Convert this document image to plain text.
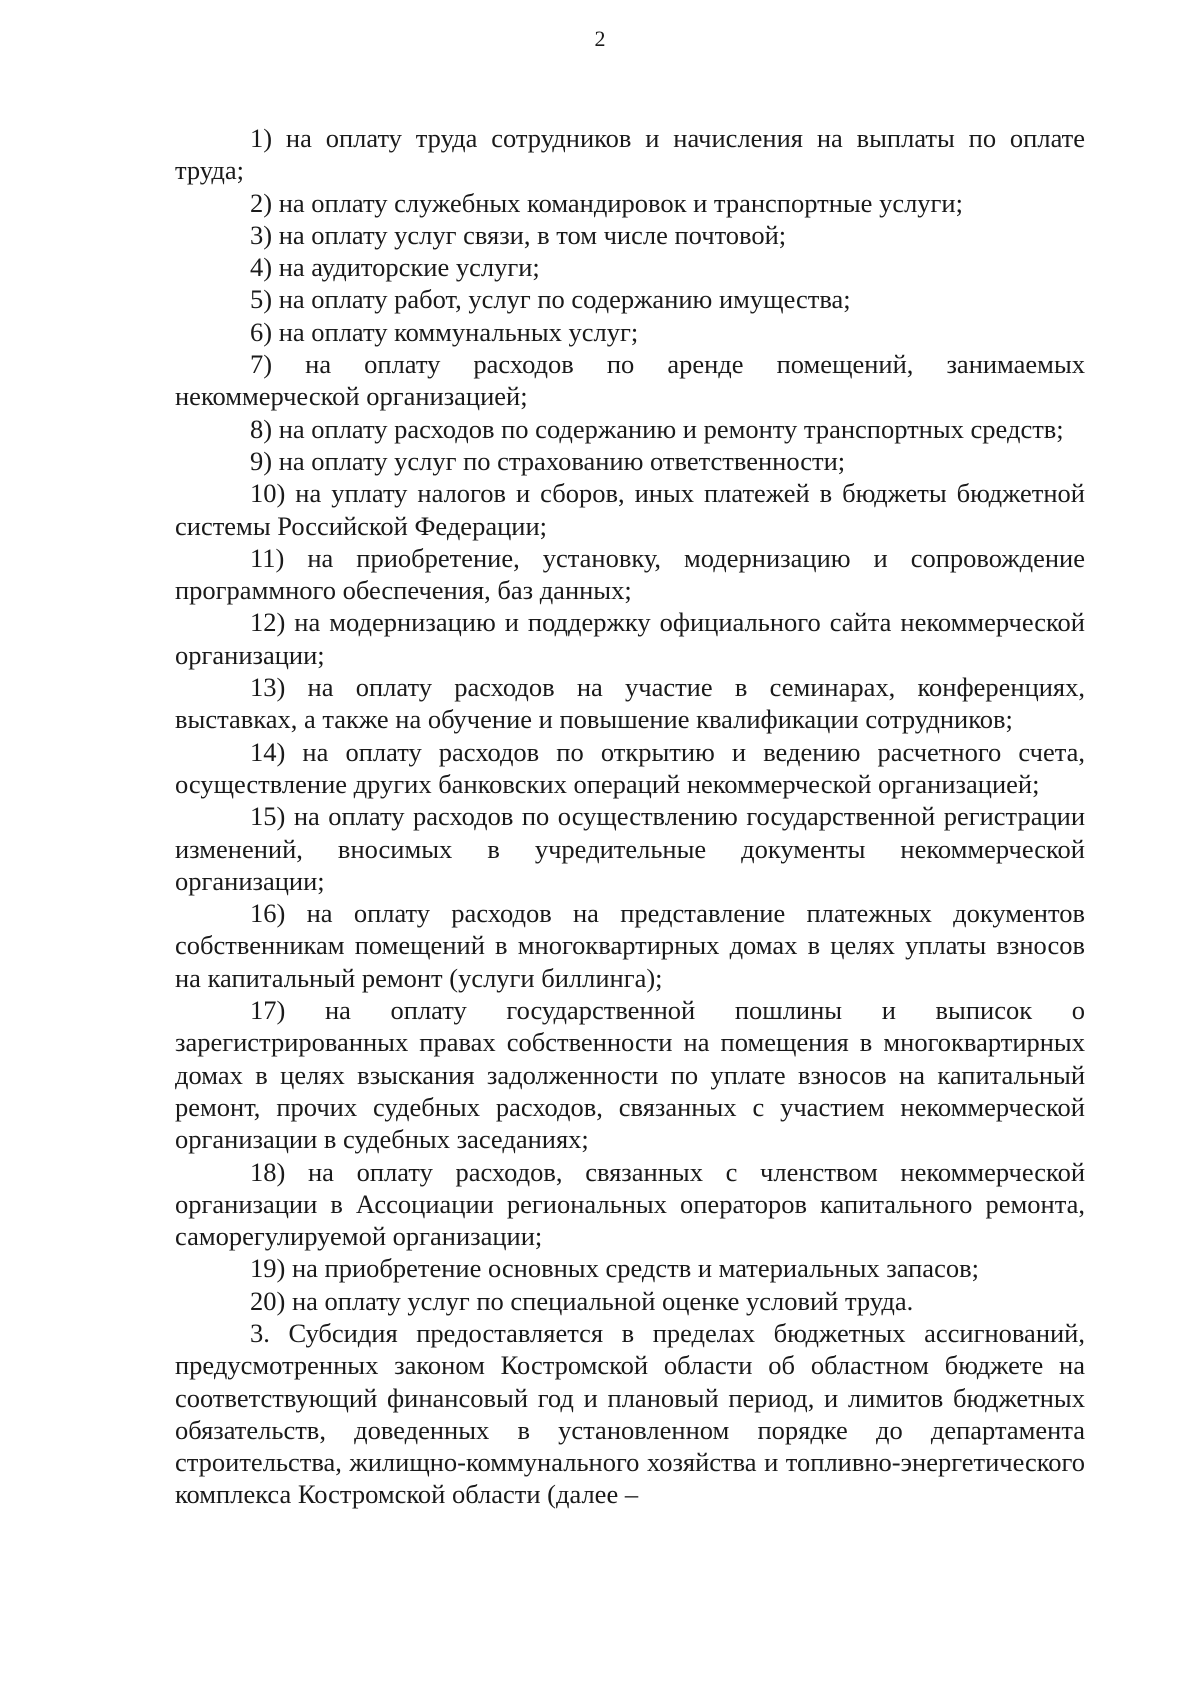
2

1) на оплату труда сотрудников и начисления на выплаты по оплате труда;

2) на оплату служебных командировок и транспортные услуги;

3) на оплату услуг связи, в том числе почтовой;

4) на аудиторские услуги;

5) на оплату работ, услуг по содержанию имущества;

6) на оплату коммунальных услуг;

7) на оплату расходов по аренде помещений, занимаемых некоммерческой организацией;

8) на оплату расходов по содержанию и ремонту транспортных средств;

9) на оплату услуг по страхованию ответственности;

10) на уплату налогов и сборов, иных платежей в бюджеты бюджетной системы Российской Федерации;

11) на приобретение, установку, модернизацию и сопровождение программного обеспечения, баз данных;

12) на модернизацию и поддержку официального сайта некоммерческой организации;

13) на оплату расходов на участие в семинарах, конференциях, выставках, а также на обучение и повышение квалификации сотрудников;

14) на оплату расходов по открытию и ведению расчетного счета, осуществление других банковских операций некоммерческой организацией;

15) на оплату расходов по осуществлению государственной регистрации изменений, вносимых в учредительные документы некоммерческой организации;

16) на оплату расходов на представление платежных документов собственникам помещений в многоквартирных домах в целях уплаты взносов на капитальный ремонт (услуги биллинга);

17) на оплату государственной пошлины и выписок о зарегистрированных правах собственности на помещения в многоквартирных домах в целях взыскания задолженности по уплате взносов на капитальный ремонт, прочих судебных расходов, связанных с участием некоммерческой организации в судебных заседаниях;

18) на оплату расходов, связанных с членством некоммерческой организации в Ассоциации региональных операторов капитального ремонта, саморегулируемой организации;

19) на приобретение основных средств и материальных запасов;

20) на оплату услуг по специальной оценке условий труда.

3. Субсидия предоставляется в пределах бюджетных ассигнований, предусмотренных законом Костромской области об областном бюджете на соответствующий финансовый год и плановый период, и лимитов бюджетных обязательств, доведенных в установленном порядке до департамента строительства, жилищно-коммунального хозяйства и топливно-энергетического комплекса Костромской области (далее –
